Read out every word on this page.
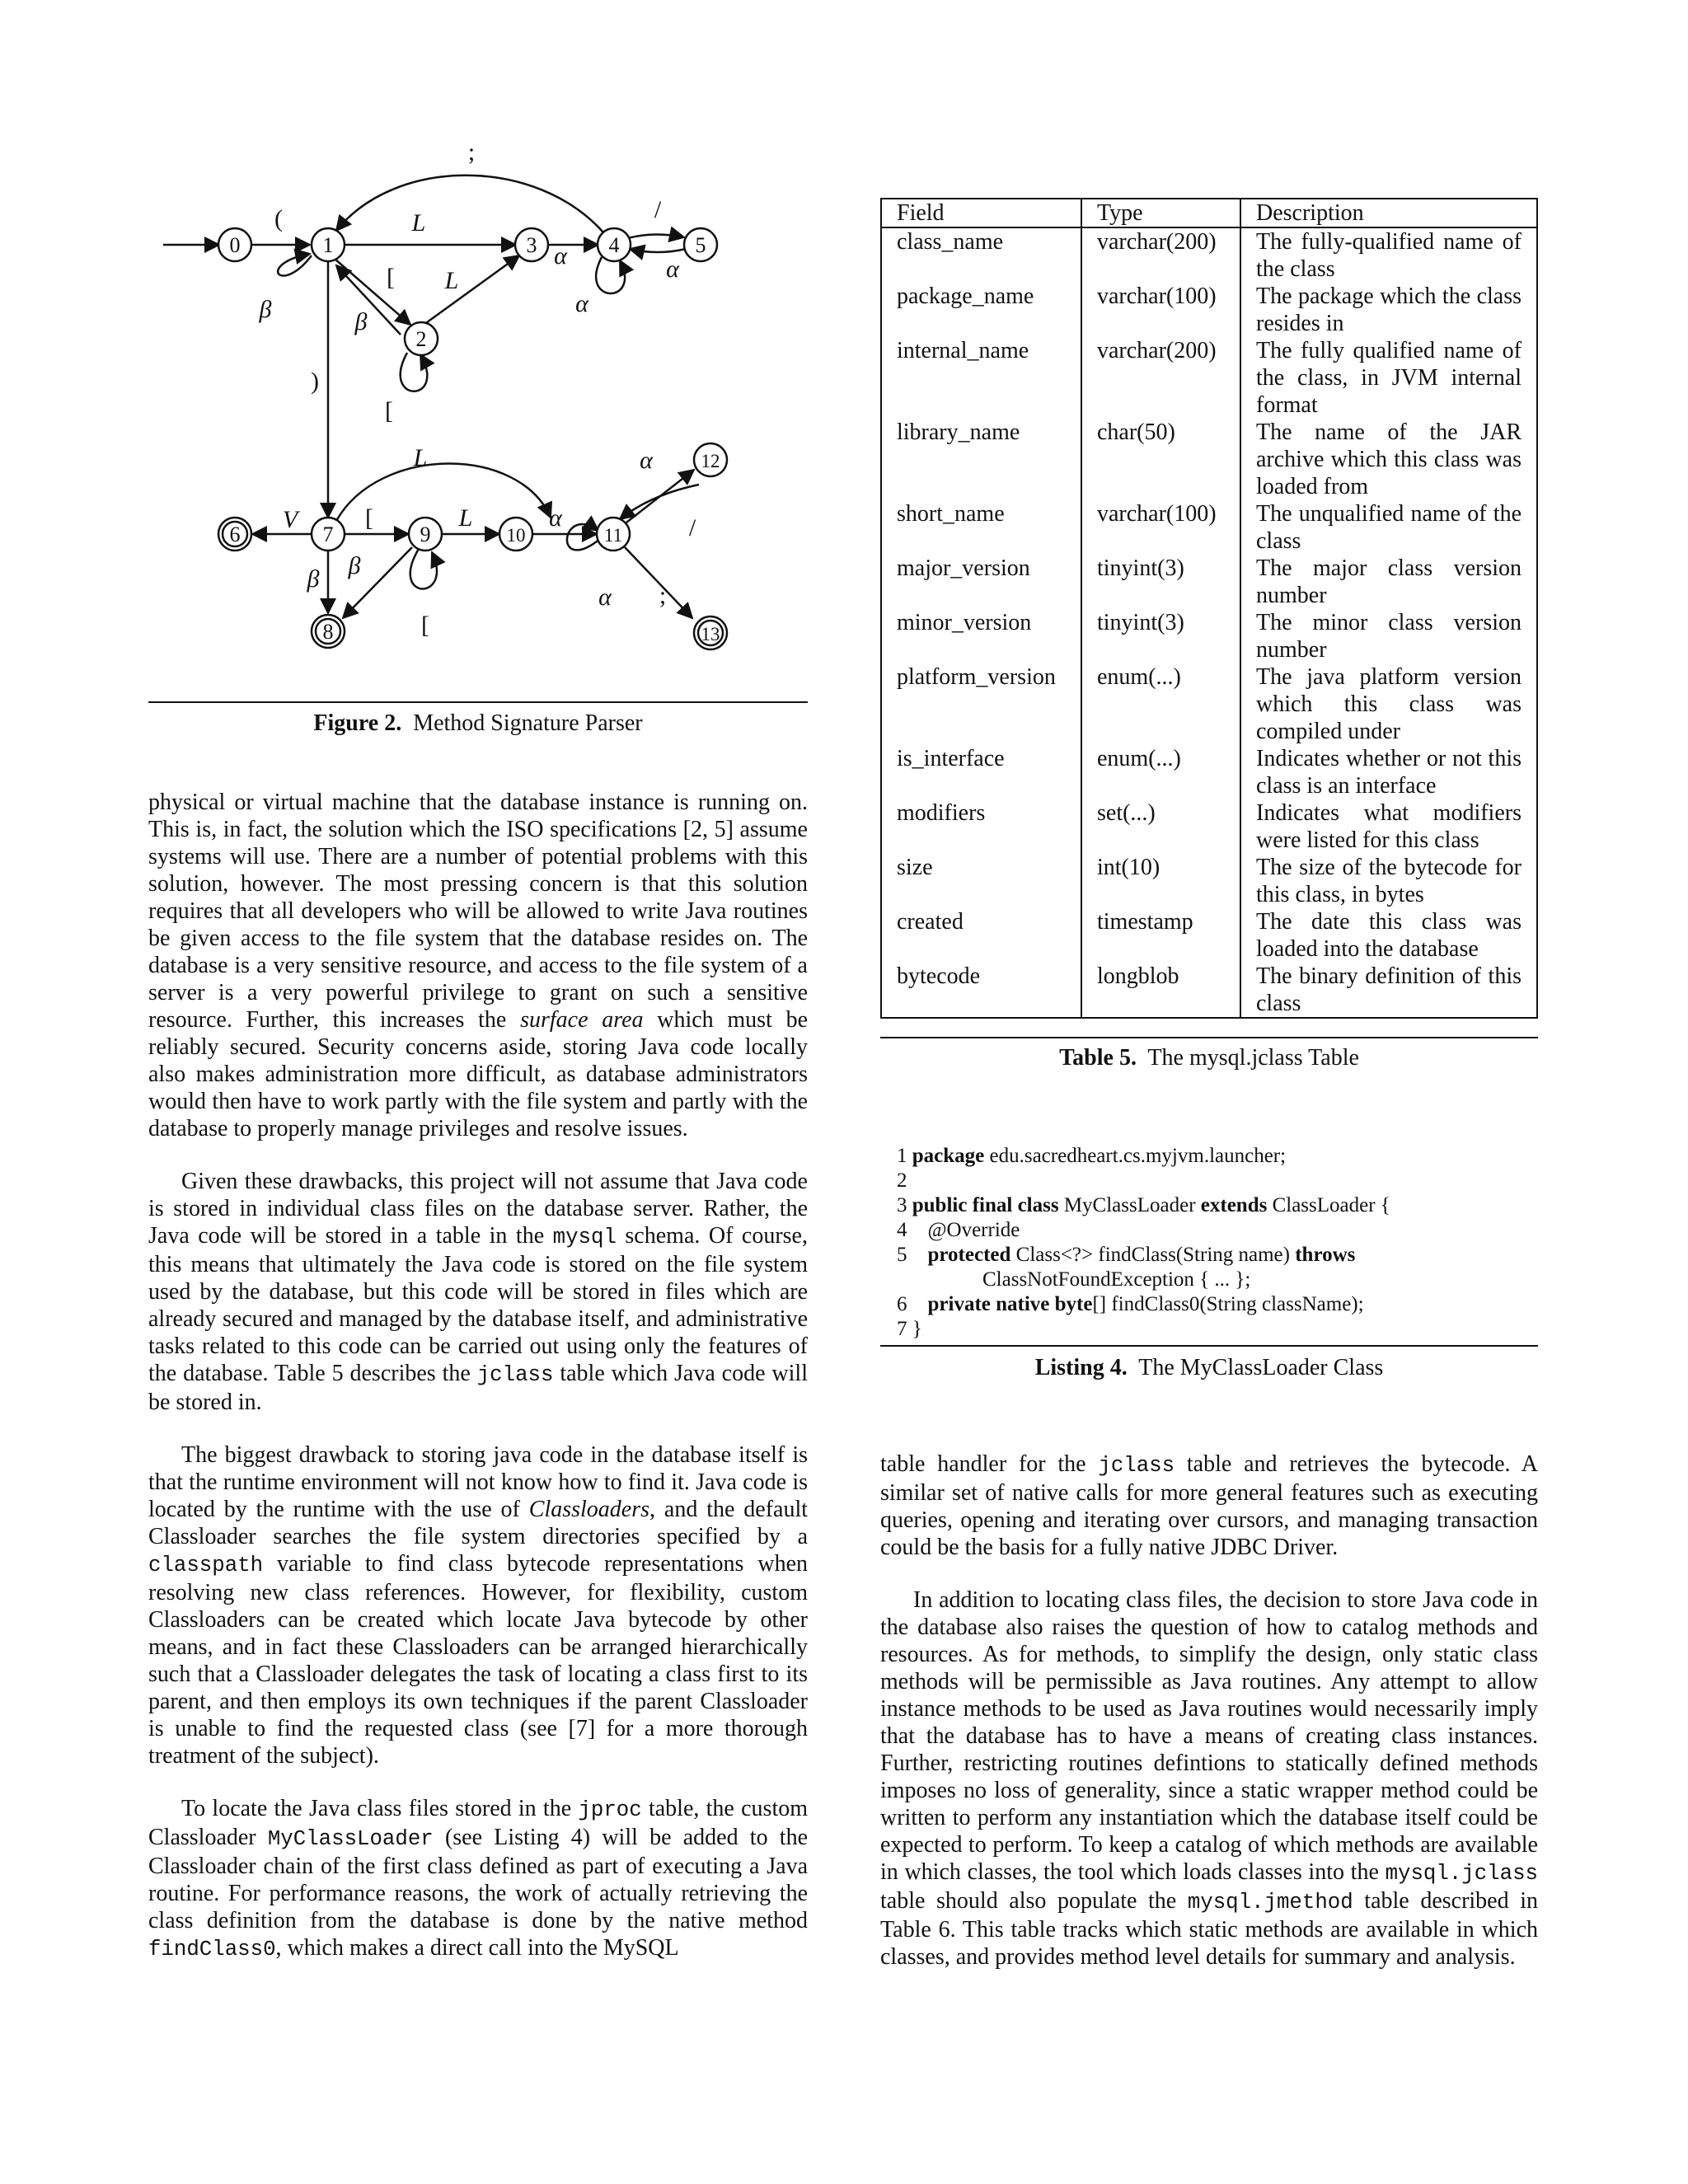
0	1
2
3	4	5
6	7
8
9	10	11
12
13
;
(	L
β
[
β
L
α
/
α
α
[
)
L
V	[	L	α
α
/
β β
[
α ;
Figure 2. Method Signature Parser

physical or virtual machine that the database instance is running on. This is, in fact, the solution which the ISO specifications [2, 5] assume systems will use. There are a number of potential problems with this solution, however. The most pressing concern is that this solution requires that all developers who will be allowed to write Java routines be given access to the file system that the database resides on. The database is a very sensitive resource, and access to the file system of a server is a very powerful privilege to grant on such a sensitive resource. Further, this increases the surface area which must be reliably secured. Security concerns aside, storing Java code locally also makes administration more difficult, as database administrators would then have to work partly with the file system and partly with the database to properly manage privileges and resolve issues.

Given these drawbacks, this project will not assume that Java code is stored in individual class files on the database server. Rather, the Java code will be stored in a table in the mysql schema. Of course, this means that ultimately the Java code is stored on the file system used by the database, but this code will be stored in files which are already secured and managed by the database itself, and administrative tasks related to this code can be carried out using only the features of the database. Table 5 describes the jclass table which Java code will be stored in.

The biggest drawback to storing java code in the database itself is that the runtime environment will not know how to find it. Java code is located by the runtime with the use of Classloaders, and the default Classloader searches the file system directories specified by a classpath variable to find class bytecode representations when resolving new class references. However, for flexibility, custom Classloaders can be created which locate Java bytecode by other means, and in fact these Classloaders can be arranged hierarchically such that a Classloader delegates the task of locating a class first to its parent, and then employs its own techniques if the parent Classloader is unable to find the requested class (see [7] for a more thorough treatment of the subject).

To locate the Java class files stored in the jproc table, the custom Classloader MyClassLoader (see Listing 4) will be added to the Classloader chain of the first class defined as part of executing a Java routine. For performance reasons, the work of actually retrieving the class definition from the database is done by the native method findClass0, which makes a direct call into the MySQL

Field	Type	Description
class_name	varchar(200)	The fully-qualified name of the class
package_name	varchar(100)	The package which the class resides in
internal_name	varchar(200)	The fully qualified name of the class, in JVM internal format
library_name	char(50)	The name of the JAR archive which this class was loaded from
short_name	varchar(100)	The unqualified name of the class
major_version	tinyint(3)	The major class version number
minor_version	tinyint(3)	The minor class version number
platform_version	enum(...)	The java platform version which this class was compiled under
is_interface	enum(...)	Indicates whether or not this class is an interface
modifiers	set(...)	Indicates what modifiers were listed for this class
size	int(10)	The size of the bytecode for this class, in bytes
created	timestamp	The date this class was loaded into the database
bytecode	longblob	The binary definition of this class
Table 5. The mysql.jclass Table
1 package edu.sacredheart.cs.myjvm.launcher;
2
3 public final class MyClassLoader extends ClassLoader {
4    @Override
5    protected Class<?> findClass(String name) throws
ClassNotFoundException { ... };
6    private native byte[] findClass0(String className);
7 }
Listing 4. The MyClassLoader Class

table handler for the jclass table and retrieves the bytecode. A similar set of native calls for more general features such as executing queries, opening and iterating over cursors, and managing transaction could be the basis for a fully native JDBC Driver.

In addition to locating class files, the decision to store Java code in the database also raises the question of how to catalog methods and resources. As for methods, to simplify the design, only static class methods will be permissible as Java routines. Any attempt to allow instance methods to be used as Java routines would necessarily imply that the database has to have a means of creating class instances. Further, restricting routines defintions to statically defined methods imposes no loss of generality, since a static wrapper method could be written to perform any instantiation which the database itself could be expected to perform. To keep a catalog of which methods are available in which classes, the tool which loads classes into the mysql.jclass table should also populate the mysql.jmethod table described in Table 6. This table tracks which static methods are available in which classes, and provides method level details for summary and analysis.
